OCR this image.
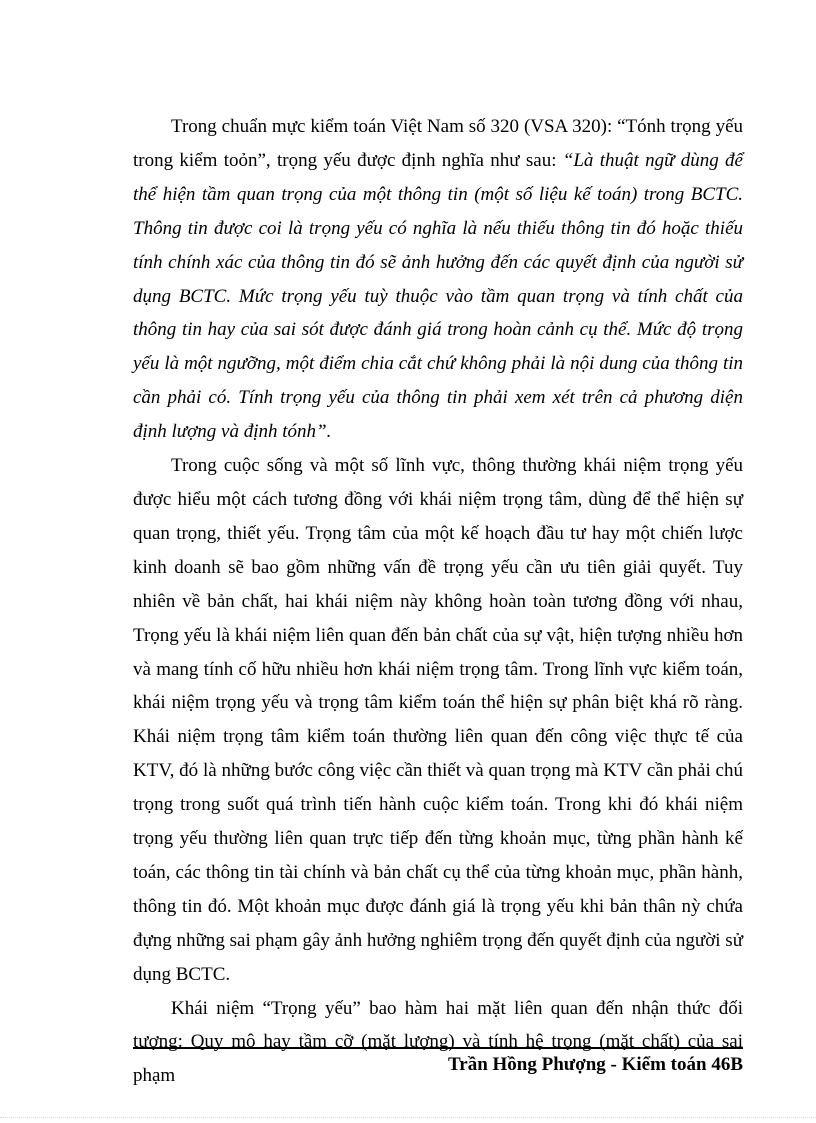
Trong chuẩn mực kiểm toán Việt Nam số 320 (VSA 320): “Tónh trọng yếu trong kiểm toỏn”, trọng yếu được định nghĩa như sau: “Là thuật ngữ dùng để thể hiện tầm quan trọng của một thông tin (một số liệu kế toán) trong BCTC. Thông tin được coi là trọng yếu có nghĩa là nếu thiếu thông tin đó hoặc thiếu tính chính xác của thông tin đó sẽ ảnh hưởng đến các quyết định của người sử dụng BCTC. Mức trọng yếu tuỳ thuộc vào tầm quan trọng và tính chất của thông tin hay của sai sót được đánh giá trong hoàn cảnh cụ thể. Mức độ trọng yếu là một ngưỡng, một điểm chia cắt chứ không phải là nội dung của thông tin cần phải có. Tính trọng yếu của thông tin phải xem xét trên cả phương diện định lượng và định tónh”.

Trong cuộc sống và một số lĩnh vực, thông thường khái niệm trọng yếu được hiểu một cách tương đồng với khái niệm trọng tâm, dùng để thể hiện sự quan trọng, thiết yếu. Trọng tâm của một kế hoạch đầu tư hay một chiến lược kinh doanh sẽ bao gồm những vấn đề trọng yếu cần ưu tiên giải quyết. Tuy nhiên về bản chất, hai khái niệm này không hoàn toàn tương đồng với nhau, Trọng yếu là khái niệm liên quan đến bản chất của sự vật, hiện tượng nhiều hơn và mang tính cố hữu nhiều hơn khái niệm trọng tâm. Trong lĩnh vực kiểm toán, khái niệm trọng yếu và trọng tâm kiểm toán thể hiện sự phân biệt khá rõ ràng. Khái niệm trọng tâm kiểm toán thường liên quan đến công việc thực tế của KTV, đó là những bước công việc cần thiết và quan trọng mà KTV cần phải chú trọng trong suốt quá trình tiến hành cuộc kiểm toán. Trong khi đó khái niệm trọng yếu thường liên quan trực tiếp đến từng khoản mục, từng phần hành kế toán, các thông tin tài chính và bản chất cụ thể của từng khoản mục, phần hành, thông tin đó. Một khoản mục được đánh giá là trọng yếu khi bản thân nỳ chứa đựng những sai phạm gây ảnh hưởng nghiêm trọng đến quyết định của người sử dụng BCTC.

Khái niệm “Trọng yếu” bao hàm hai mặt liên quan đến nhận thức đối tượng: Quy mô hay tầm cỡ (mặt lượng) và tính hệ trọng (mặt chất) của sai phạm

Trần Hồng Phượng - Kiểm toán 46B
